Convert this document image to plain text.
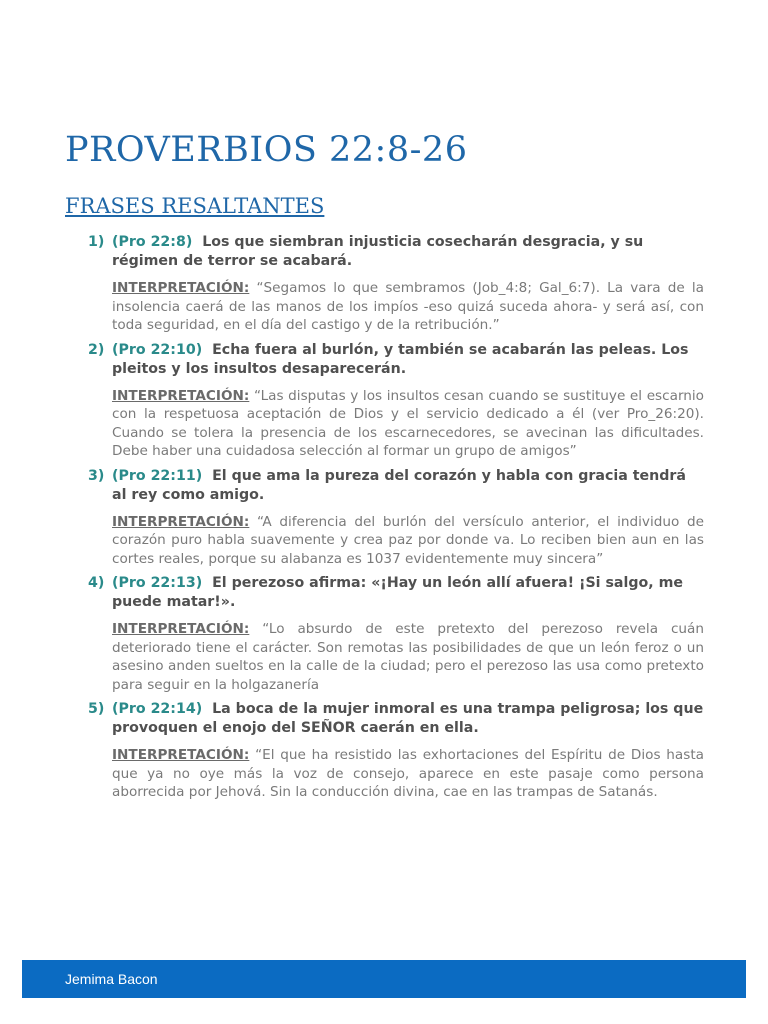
PROVERBIOS 22:8-26
FRASES RESALTANTES
1) (Pro 22:8) Los que siembran injusticia cosecharán desgracia, y su régimen de terror se acabará.
INTERPRETACIÓN: “Segamos lo que sembramos (Job_4:8; Gal_6:7). La vara de la insolencia caerá de las manos de los impíos -eso quizá suceda ahora- y será así, con toda seguridad, en el día del castigo y de la retribución.”
2) (Pro 22:10) Echa fuera al burlón, y también se acabarán las peleas. Los pleitos y los insultos desaparecerán.
INTERPRETACIÓN: “Las disputas y los insultos cesan cuando se sustituye el escarnio con la respetuosa aceptación de Dios y el servicio dedicado a él (ver Pro_26:20). Cuando se tolera la presencia de los escarnecedores, se avecinan las dificultades. Debe haber una cuidadosa selección al formar un grupo de amigos”
3) (Pro 22:11) El que ama la pureza del corazón y habla con gracia tendrá al rey como amigo.
INTERPRETACIÓN: “A diferencia del burlón del versículo anterior, el individuo de corazón puro habla suavemente y crea paz por donde va. Lo reciben bien aun en las cortes reales, porque su alabanza es 1037 evidentemente muy sincera”
4) (Pro 22:13) El perezoso afirma: «¡Hay un león allí afuera! ¡Si salgo, me puede matar!».
INTERPRETACIÓN: “Lo absurdo de este pretexto del perezoso revela cuán deteriorado tiene el carácter. Son remotas las posibilidades de que un león feroz o un asesino anden sueltos en la calle de la ciudad; pero el perezoso las usa como pretexto para seguir en la holgazanería
5) (Pro 22:14) La boca de la mujer inmoral es una trampa peligrosa; los que provoquen el enojo del SEÑOR caerán en ella.
INTERPRETACIÓN: “El que ha resistido las exhortaciones del Espíritu de Dios hasta que ya no oye más la voz de consejo, aparece en este pasaje como persona aborrecida por Jehová. Sin la conducción divina, cae en las trampas de Satanás.
Jemima Bacon
